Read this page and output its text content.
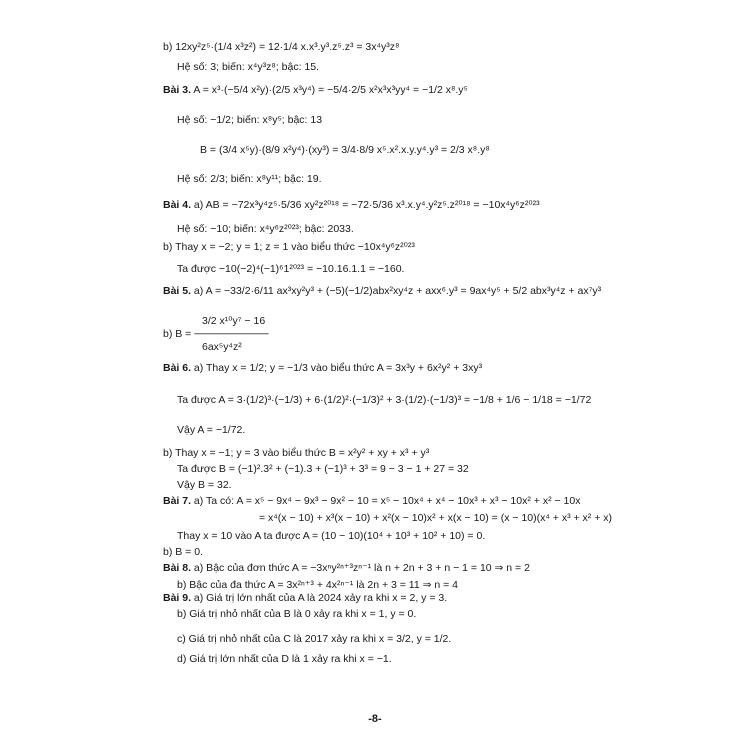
b) 12xy²z⁵·(1/4 x³z²) = 12·1/4 x.x³.y³.z⁵.z³ = 3x⁴y³z⁸
Hệ số: 3; biến: x⁴y³z⁸; bậc: 15.
Bài 3. A = x³·(−5/4 x²y)·(2/5 x³y⁴) = −5/4·2/5 x²x³x³yy⁴ = −1/2 x⁸.y⁵
Hệ số: −1/2; biến: x⁸y⁵; bậc: 13
B = (3/4 x⁵y)·(8/9 x²y⁴)·(xy³) = 3/4·8/9 x⁵.x².x.y.y⁴.y³ = 2/3 x⁸.y⁸
Hệ số: 2/3; biến: x⁸y¹¹; bậc: 19.
Bài 4. a) AB = −72x³y⁴z⁵·5/36 xy²z²⁰¹⁸ = −72·5/36 x³.x.y⁴.y²z⁵.z²⁰¹⁸ = −10x⁴y⁶z²⁰²³
Hệ số: −10; biến: x⁴y⁶z²⁰²³; bậc: 2033.
b) Thay x = −2; y = 1; z = 1 vào biểu thức −10x⁴y⁶z²⁰²³
Ta được −10(−2)⁴(−1)⁶1²⁰²³ = −10.16.1.1 = −160.
Bài 5. a) A = −33/2·6/11 ax³xy²y³ + (−5)(−1/2)abx²xy⁴z + axx⁶.y³ = 9ax⁴y⁵ + 5/2 abx³y⁴z + ax⁷y³
3/2 x¹⁰y⁷ − 16
b) B = ──────────
6ax⁵y⁴z²
Bài 6. a) Thay x = 1/2; y = −1/3 vào biểu thức A = 3x³y + 6x²y² + 3xy³
Ta được A = 3·(1/2)³·(−1/3) + 6·(1/2)²·(−1/3)² + 3·(1/2)·(−1/3)³ = −1/8 + 1/6 − 1/18 = −1/72
Vậy A = −1/72.
b) Thay x = −1; y = 3 vào biểu thức B = x²y² + xy + x³ + y³
Ta được B = (−1)².3² + (−1).3 + (−1)³ + 3³ = 9 − 3 − 1 + 27 = 32
Vậy B = 32.
Bài 7. a) Ta có: A = x⁵ − 9x⁴ − 9x³ − 9x² − 10 = x⁵ − 10x⁴ + x⁴ − 10x³ + x³ − 10x² + x² − 10x
= x⁴(x − 10) + x³(x − 10) + x²(x − 10)x² + x(x − 10) = (x − 10)(x⁴ + x³ + x² + x)
Thay x = 10 vào A ta được A = (10 − 10)(10⁴ + 10³ + 10² + 10) = 0.
b) B = 0.
Bài 8. a) Bậc của đơn thức A = −3xⁿy²ⁿ⁺³zⁿ⁻¹ là n + 2n + 3 + n − 1 = 10 ⇒ n = 2
b) Bậc của đa thức A = 3x²ⁿ⁺³ + 4x²ⁿ⁻¹ là 2n + 3 = 11 ⇒ n = 4
Bài 9. a) Giá trị lớn nhất của A là 2024 xảy ra khi x = 2, y = 3.
b) Giá trị nhỏ nhất của B là 0 xảy ra khi x = 1, y = 0.
c) Giá trị nhỏ nhất của C là 2017 xảy ra khi x = 3/2, y = 1/2.
d) Giá trị lớn nhất của D là 1 xảy ra khi x = −1.
-8-
